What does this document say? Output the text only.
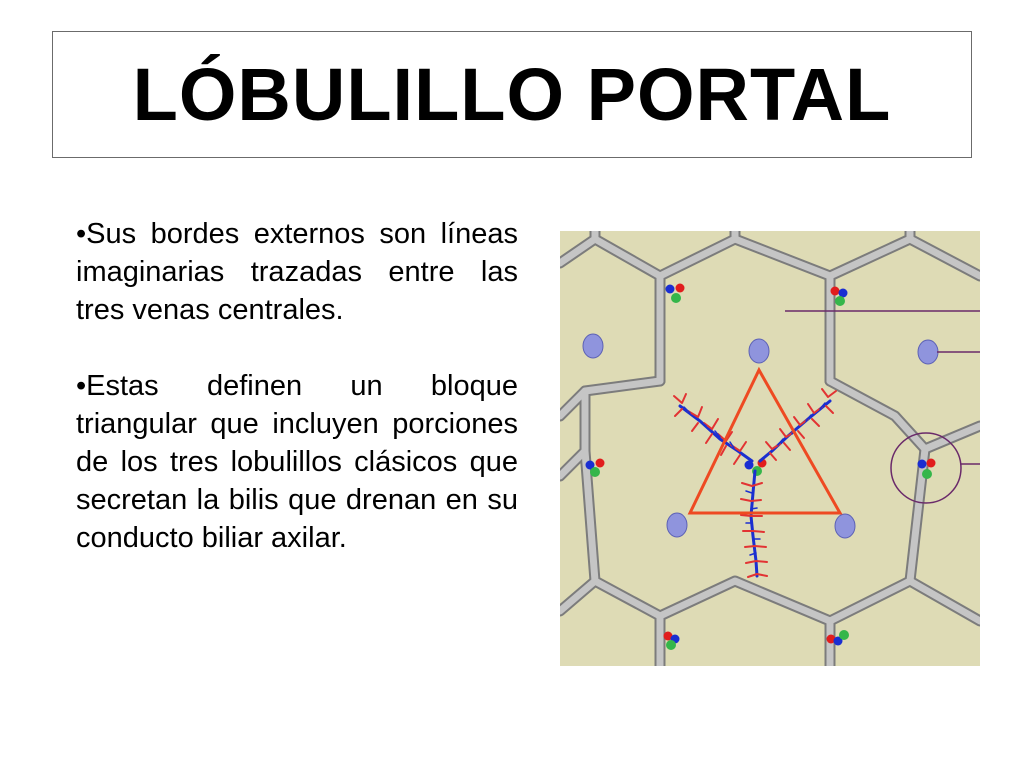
LÓBULILLO PORTAL

•Sus bordes externos son líneas imaginarias trazadas entre las tres venas centrales.

•Estas definen un bloque triangular que incluyen porciones de los tres lobulillos clásicos que secretan la bilis que drenan en su conducto biliar axilar.
